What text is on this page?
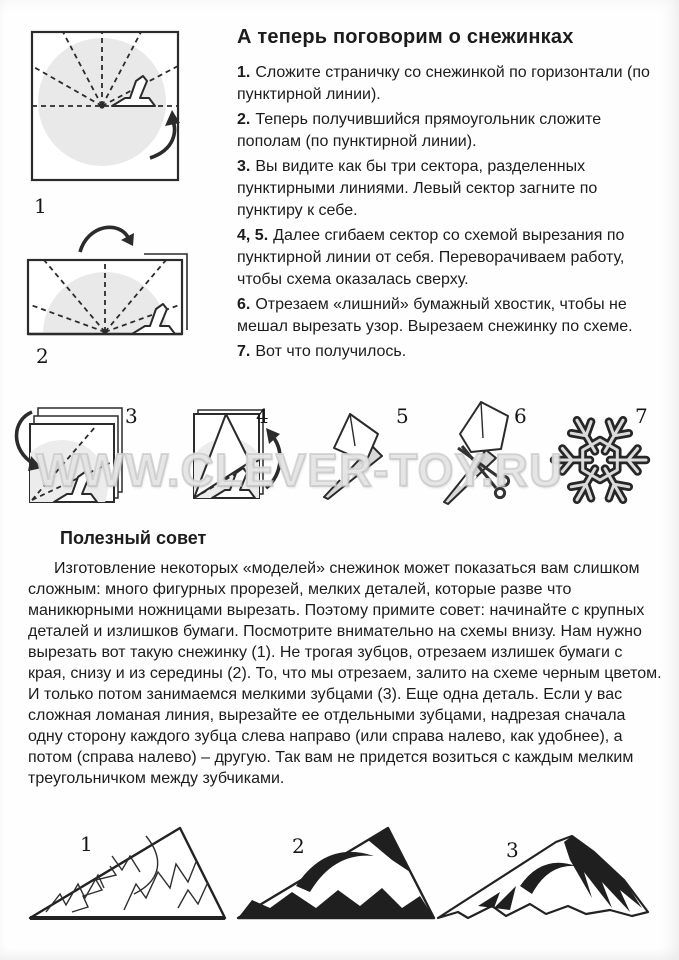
1
2
А теперь поговорим о снежинках

1. Сложите страничку со снежинкой по горизонтали (по пунктирной линии).

2. Теперь получившийся прямоугольник сложите пополам (по пунктирной линии).

3. Вы видите как бы три сектора, разделенных пунктирными линиями. Левый сектор загните по пунктиру к себе.

4, 5. Далее сгибаем сектор со схемой вырезания по пунктирной линии от себя. Переворачиваем работу, чтобы схема оказалась сверху.

6. Отрезаем «лишний» бумажный хвостик, чтобы не мешал вырезать узор. Вырезаем снежинку по схеме.

7. Вот что получилось.

3	4	5	6	7
WWW.CLEVER-TOY.RU
Полезный совет

Изготовление некоторых «моделей» снежинок может показаться вам слишком сложным: много фигурных прорезей, мелких деталей, которые разве что маникюрными ножницами вырезать. Поэтому примите совет: начинайте с крупных деталей и излишков бумаги. Посмотрите внимательно на схемы внизу. Нам нужно вырезать вот такую снежинку (1). Не трогая зубцов, отрезаем излишек бумаги с края, снизу и из середины (2). То, что мы отрезаем, залито на схеме черным цветом. И только потом занимаемся мелкими зубцами (3). Еще одна деталь. Если у вас сложная ломаная линия, вырезайте ее отдельными зубцами, надрезая сначала одну сторону каждого зубца слева направо (или справа налево, как удобнее), а потом (справа налево) – другую. Так вам не придется возиться с каждым мелким треугольничком между зубчиками.

1	2	3
